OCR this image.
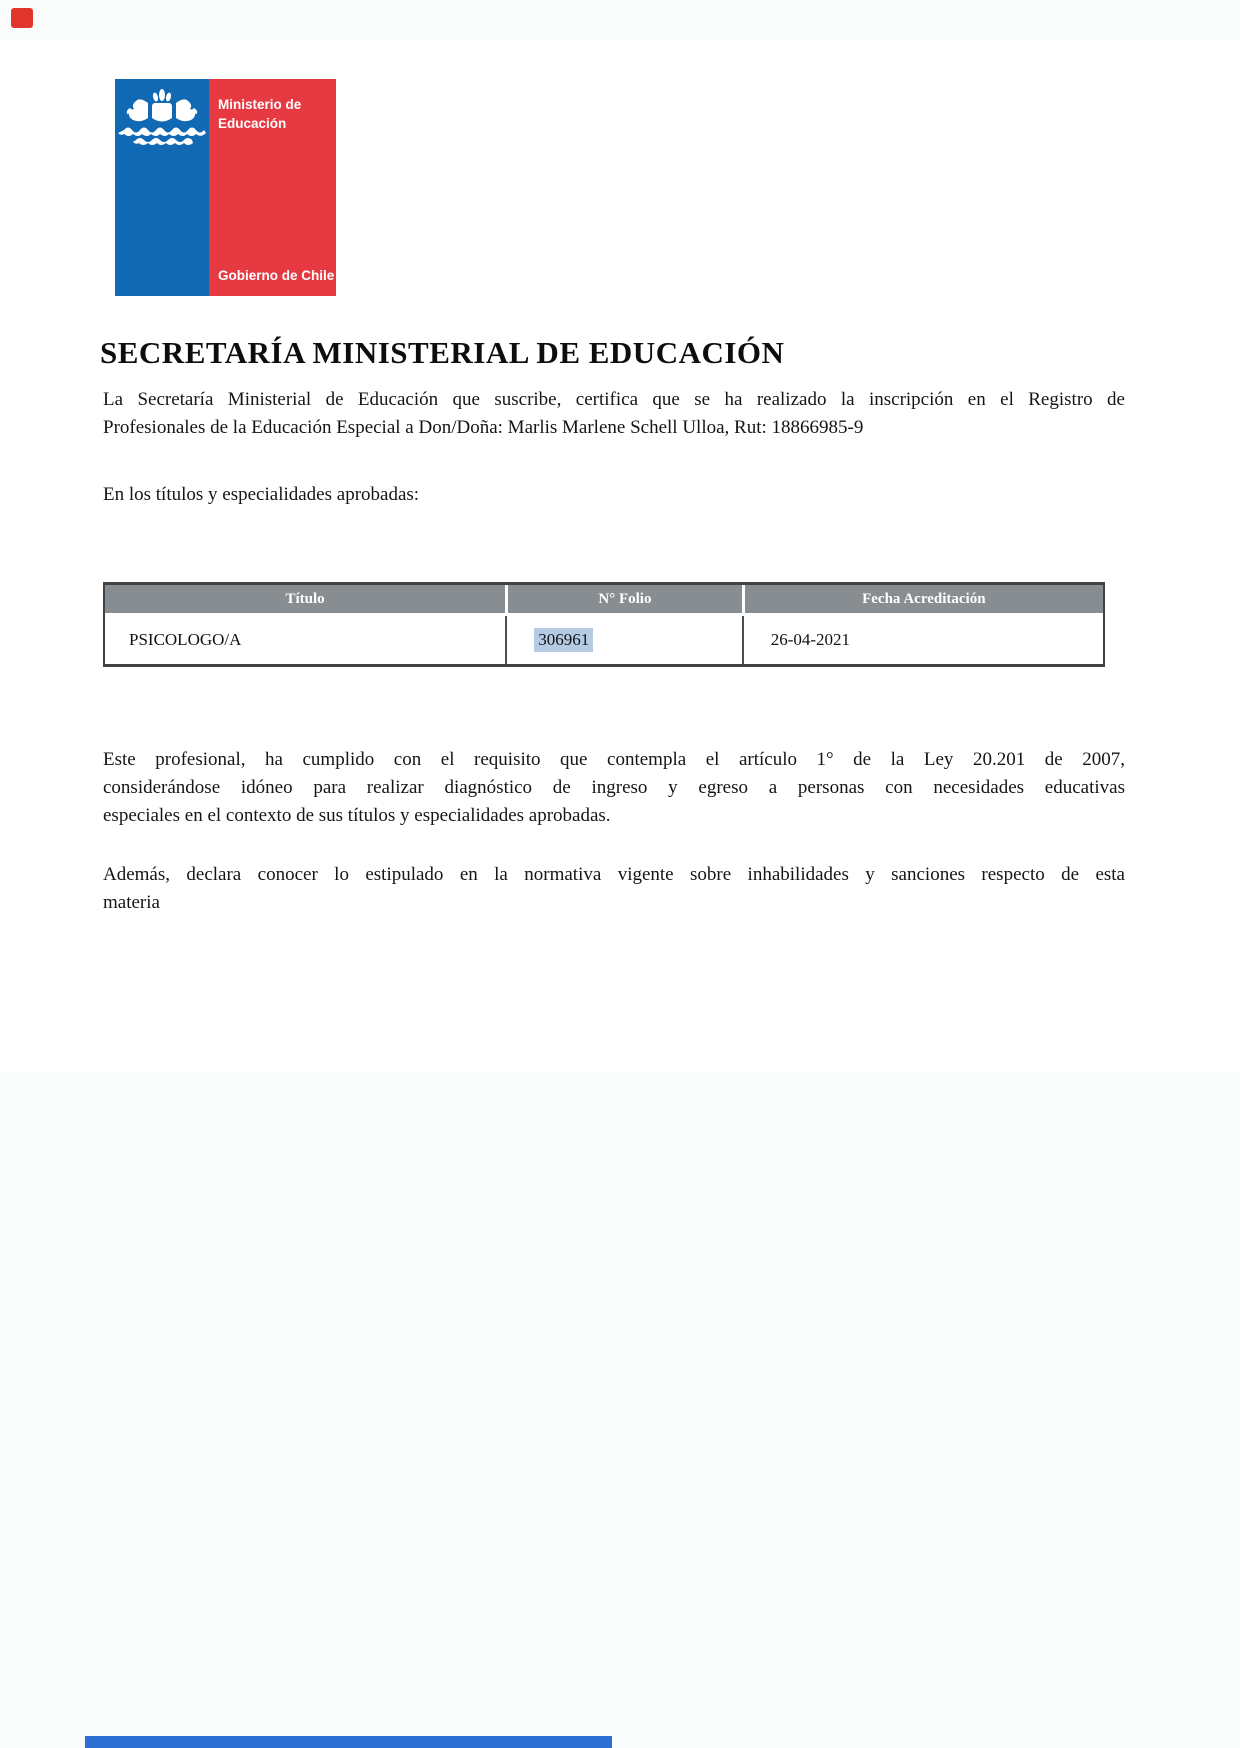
Ministerio de
Educación
Gobierno de Chile
SECRETARÍA MINISTERIAL DE EDUCACIÓN
La Secretaría Ministerial de Educación que suscribe, certifica que se ha realizado la inscripción en el Registro de
Profesionales de la Educación Especial a Don/Doña: Marlis Marlene Schell Ulloa, Rut: 18866985-9
En los títulos y especialidades aprobadas:
Título	N° Folio	Fecha Acreditación
PSICOLOGO/A	306961	26-04-2021
Este profesional, ha cumplido con el requisito que contempla el artículo 1° de la Ley 20.201 de 2007,
considerándose idóneo para realizar diagnóstico de ingreso y egreso a personas con necesidades educativas
especiales en el contexto de sus títulos y especialidades aprobadas.
Además, declara conocer lo estipulado en la normativa vigente sobre inhabilidades y sanciones respecto de esta
materia
